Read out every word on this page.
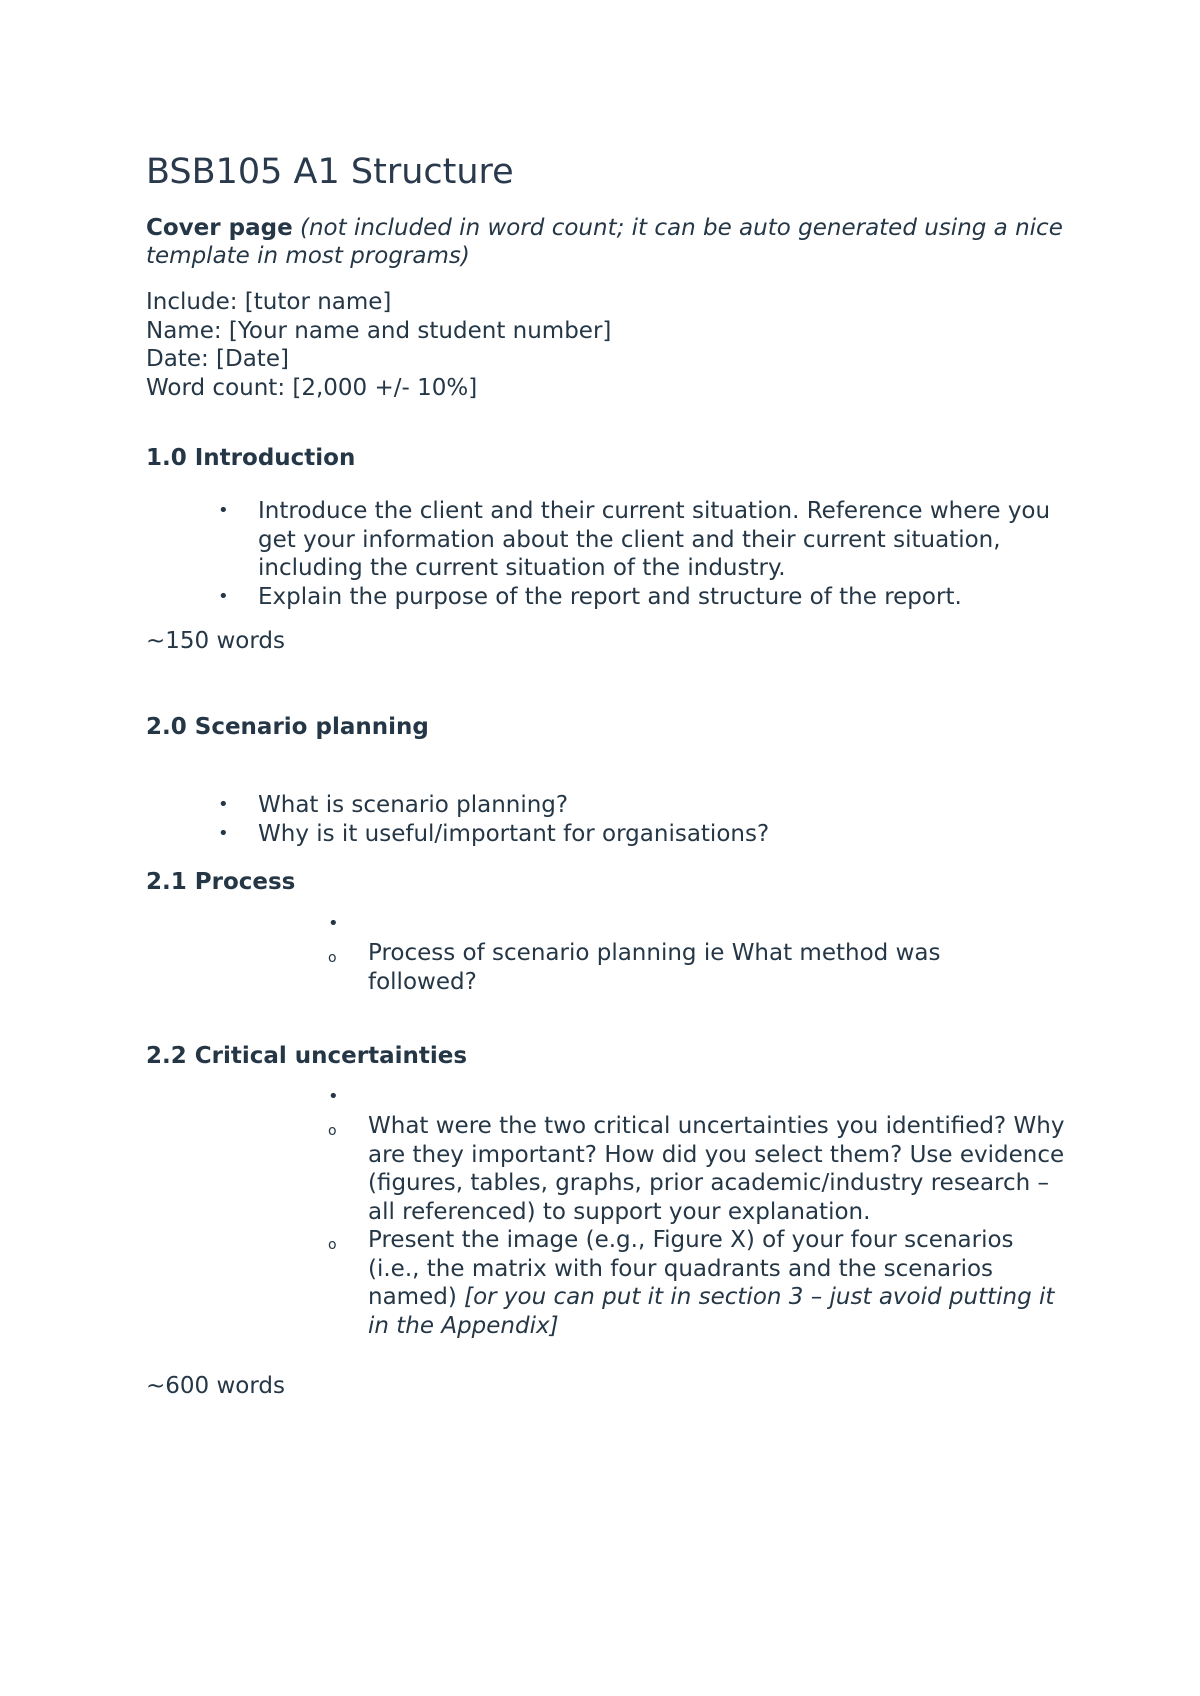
BSB105 A1 Structure

Cover page (not included in word count; it can be auto generated using a nice template in most programs)

Include: [tutor name]
Name: [Your name and student number]
Date: [Date]
Word count: [2,000 +/- 10%]

1.0 Introduction

• Introduce the client and their current situation. Reference where you get your information about the client and their current situation, including the current situation of the industry.
• Explain the purpose of the report and structure of the report.

~150 words

2.0 Scenario planning

• What is scenario planning?
• Why is it useful/important for organisations?

2.1 Process

•
o Process of scenario planning ie What method was followed?

2.2 Critical uncertainties

•
o What were the two critical uncertainties you identified? Why are they important? How did you select them? Use evidence (figures, tables, graphs, prior academic/industry research – all referenced) to support your explanation.
o Present the image (e.g., Figure X) of your four scenarios (i.e., the matrix with four quadrants and the scenarios named) [or you can put it in section 3 – just avoid putting it in the Appendix]

~600 words
